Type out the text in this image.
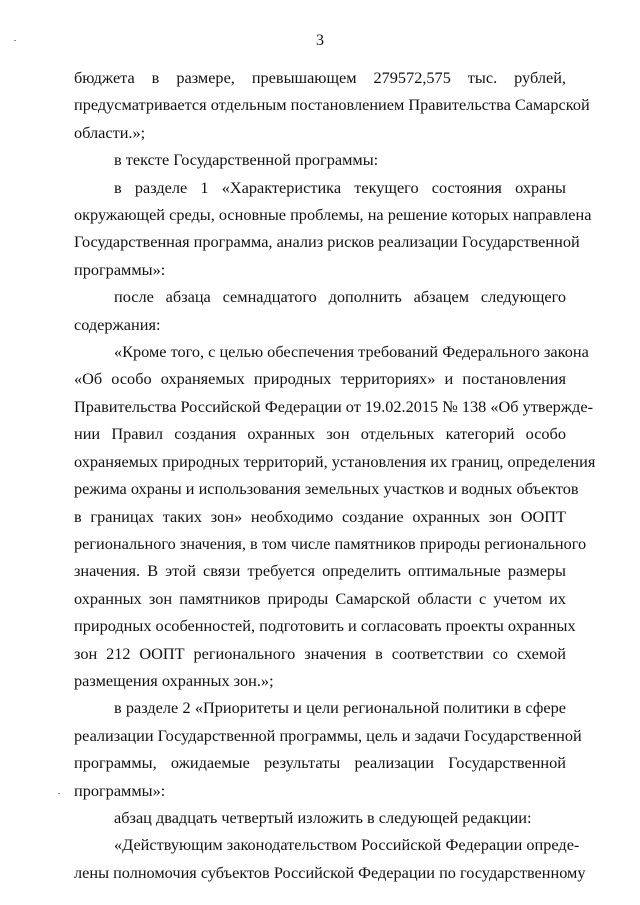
3
бюджета в размере, превышающем 279572,575 тыс. рублей,
предусматривается отдельным постановлением Правительства Самарской
области.»;
в тексте Государственной программы:
в разделе 1 «Характеристика текущего состояния охраны
окружающей среды, основные проблемы, на решение которых направлена
Государственная программа, анализ рисков реализации Государственной
программы»:
после абзаца семнадцатого дополнить абзацем следующего
содержания:
«Кроме того, с целью обеспечения требований Федерального закона
«Об особо охраняемых природных территориях» и постановления
Правительства Российской Федерации от 19.02.2015 № 138 «Об утвержде-
нии Правил создания охранных зон отдельных категорий особо
охраняемых природных территорий, установления их границ, определения
режима охраны и использования земельных участков и водных объектов
в границах таких зон» необходимо создание охранных зон ООПТ
регионального значения, в том числе памятников природы регионального
значения. В этой связи требуется определить оптимальные размеры
охранных зон памятников природы Самарской области с учетом их
природных особенностей, подготовить и согласовать проекты охранных
зон 212 ООПТ регионального значения в соответствии со схемой
размещения охранных зон.»;
в разделе 2 «Приоритеты и цели региональной политики в сфере
реализации Государственной программы, цель и задачи Государственной
программы, ожидаемые результаты реализации Государственной
программы»:
абзац двадцать четвертый изложить в следующей редакции:
«Действующим законодательством Российской Федерации опреде-
лены полномочия субъектов Российской Федерации по государственному
